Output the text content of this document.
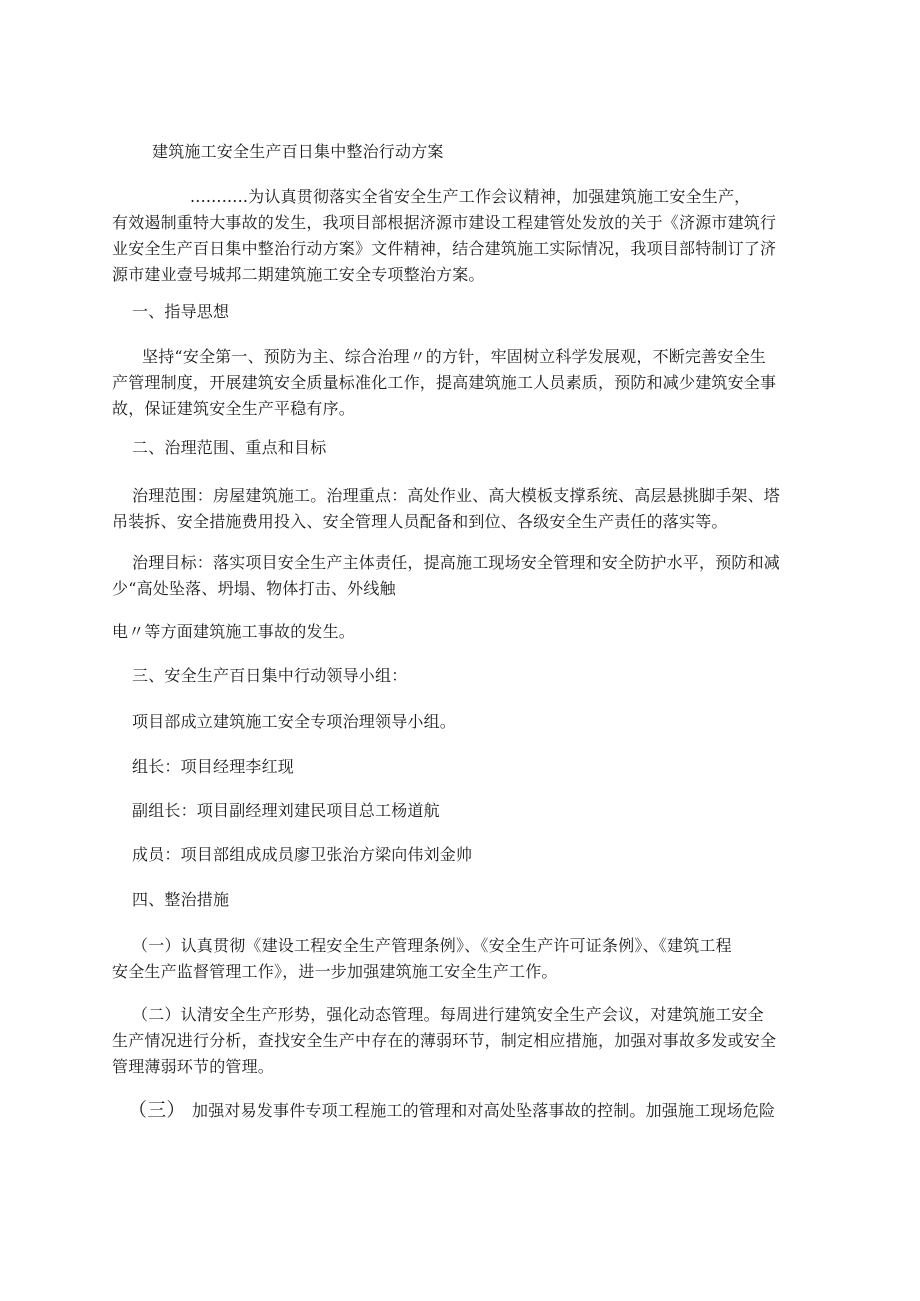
建筑施工安全生产百日集中整治行动方案
...........为认真贯彻落实全省安全生产工作会议精神，加强建筑施工安全生产，
有效遏制重特大事故的发生，我项目部根据济源市建设工程建管处发放的关于《济源市建筑行
业安全生产百日集中整治行动方案》文件精神，结合建筑施工实际情况，我项目部特制订了济
源市建业壹号城邦二期建筑施工安全专项整治方案。
一、指导思想
坚持“安全第一、预防为主、综合治理〃的方针，牢固树立科学发展观，不断完善安全生
产管理制度，开展建筑安全质量标准化工作，提高建筑施工人员素质，预防和减少建筑安全事
故，保证建筑安全生产平稳有序。
二、治理范围、重点和目标
治理范围：房屋建筑施工。治理重点：高处作业、高大模板支撑系统、高层悬挑脚手架、塔
吊装拆、安全措施费用投入、安全管理人员配备和到位、各级安全生产责任的落实等。
治理目标：落实项目安全生产主体责任，提高施工现场安全管理和安全防护水平，预防和减
少“高处坠落、坍塌、物体打击、外线触
电〃等方面建筑施工事故的发生。
三、安全生产百日集中行动领导小组：
项目部成立建筑施工安全专项治理领导小组。
组长：项目经理李红现
副组长：项目副经理刘建民项目总工杨道航
成员：项目部组成成员廖卫张治方梁向伟刘金帅
四、整治措施
（一）认真贯彻《建设工程安全生产管理条例》、《安全生产许可证条例》、《建筑工程
安全生产监督管理工作》，进一步加强建筑施工安全生产工作。
（二）认清安全生产形势，强化动态管理。每周进行建筑安全生产会议，对建筑施工安全
生产情况进行分析，查找安全生产中存在的薄弱环节，制定相应措施，加强对事故多发或安全
管理薄弱环节的管理。
（三） 加强对易发事件专项工程施工的管理和对高处坠落事故的控制。加强施工现场危险
